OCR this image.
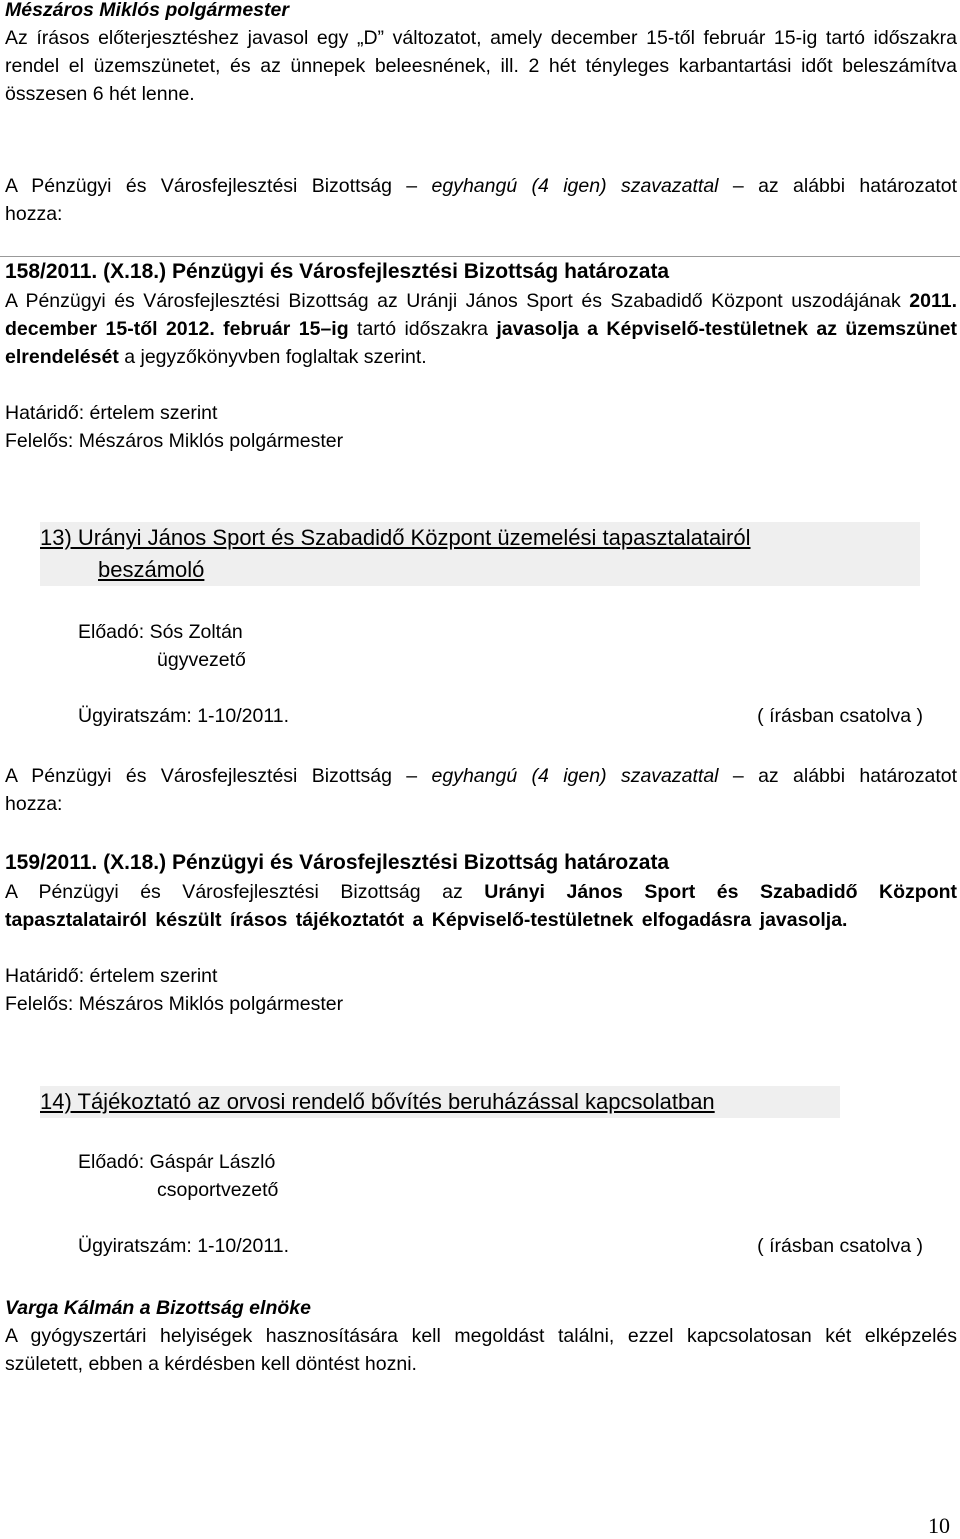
Mészáros Miklós polgármester

Az írásos előterjesztéshez javasol egy „D” változatot, amely december 15-től február 15-ig tartó időszakra rendel el üzemszünetet, és az ünnepek beleesnének, ill. 2 hét tényleges karbantartási időt beleszámítva összesen 6 hét lenne.

A Pénzügyi és Városfejlesztési Bizottság – egyhangú (4 igen) szavazattal – az alábbi határozatot hozza:

158/2011. (X.18.) Pénzügyi és Városfejlesztési Bizottság határozata

A Pénzügyi és Városfejlesztési Bizottság az Uránji János Sport és Szabadidő Központ uszodájának 2011. december 15-től 2012. február 15–ig tartó időszakra javasolja a Képviselő-testületnek az üzemszünet elrendelését a jegyzőkönyvben foglaltak szerint.

Határidő: értelem szerint

Felelős: Mészáros Miklós polgármester

13) Urányi János Sport és Szabadidő Központ üzemelési tapasztalatairól
beszámoló

Előadó: Sós Zoltán

ügyvezető

Ügyiratszám: 1-10/2011.	( írásban csatolva )

A Pénzügyi és Városfejlesztési Bizottság – egyhangú (4 igen) szavazattal – az alábbi határozatot hozza:

159/2011. (X.18.) Pénzügyi és Városfejlesztési Bizottság határozata

A Pénzügyi és Városfejlesztési Bizottság az Urányi János Sport és Szabadidő Központ tapasztalatairól készült írásos tájékoztatót a Képviselő-testületnek elfogadásra javasolja.

Határidő: értelem szerint

Felelős: Mészáros Miklós polgármester

14) Tájékoztató az orvosi rendelő bővítés beruházással kapcsolatban

Előadó: Gáspár László

csoportvezető

Ügyiratszám: 1-10/2011.	( írásban csatolva )

Varga Kálmán a Bizottság elnöke

A gyógyszertári helyiségek hasznosítására kell megoldást találni, ezzel kapcsolatosan két elképzelés született, ebben a kérdésben kell döntést hozni.

10
